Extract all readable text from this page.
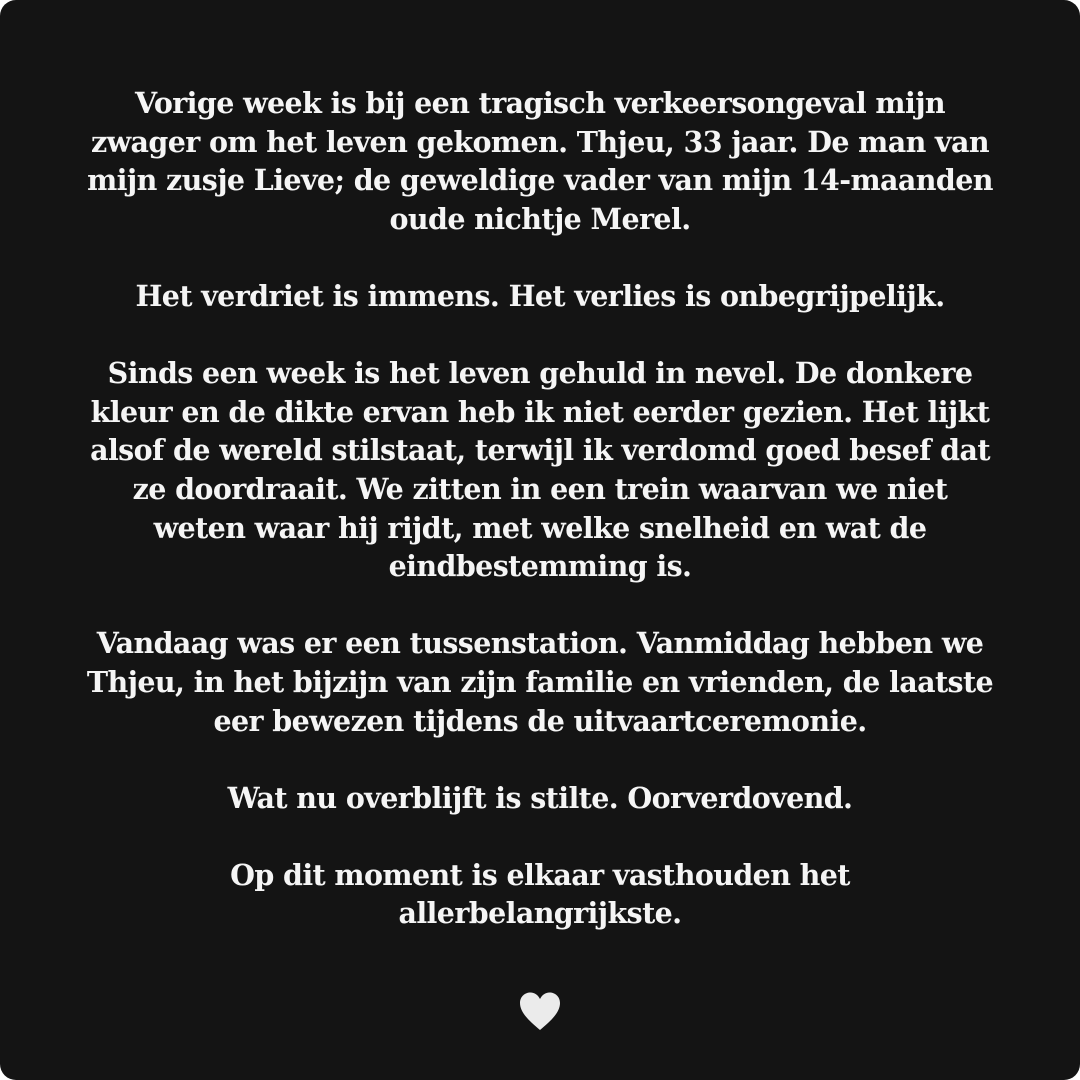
Vorige week is bij een tragisch verkeersongeval mijn
zwager om het leven gekomen. Thjeu, 33 jaar. De man van
mijn zusje Lieve; de geweldige vader van mijn 14-maanden
oude nichtje Merel.

Het verdriet is immens. Het verlies is onbegrijpelijk.

Sinds een week is het leven gehuld in nevel. De donkere
kleur en de dikte ervan heb ik niet eerder gezien. Het lijkt
alsof de wereld stilstaat, terwijl ik verdomd goed besef dat
ze doordraait. We zitten in een trein waarvan we niet
weten waar hij rijdt, met welke snelheid en wat de
eindbestemming is.

Vandaag was er een tussenstation. Vanmiddag hebben we
Thjeu, in het bijzijn van zijn familie en vrienden, de laatste
eer bewezen tijdens de uitvaartceremonie.

Wat nu overblijft is stilte. Oorverdovend.

Op dit moment is elkaar vasthouden het
allerbelangrijkste.
